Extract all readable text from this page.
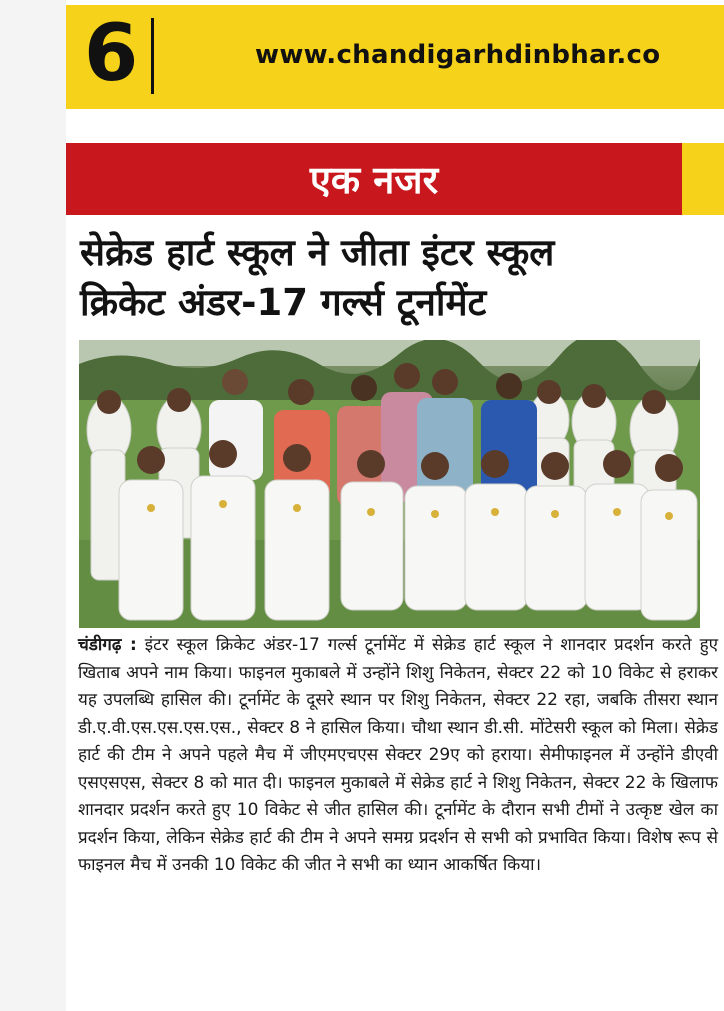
6	www.chandigarhdinbhar.co
एक नजर
सेक्रेड हार्ट स्कूल ने जीता इंटर स्कूल
क्रिकेट अंडर-17 गर्ल्स टूर्नामेंट
चंडीगढ़ : इंटर स्कूल क्रिकेट अंडर-17 गर्ल्स टूर्नामेंट में सेक्रेड हार्ट स्कूल ने शानदार प्रदर्शन करते हुए खिताब अपने नाम किया। फाइनल मुकाबले में उन्होंने शिशु निकेतन, सेक्टर 22 को 10 विकेट से हराकर यह उपलब्धि हासिल की। टूर्नामेंट के दूसरे स्थान पर शिशु निकेतन, सेक्टर 22 रहा, जबकि तीसरा स्थान डी.ए.वी.एस.एस.एस.एस., सेक्टर 8 ने हासिल किया। चौथा स्थान डी.सी. मोंटेसरी स्कूल को मिला। सेक्रेड हार्ट की टीम ने अपने पहले मैच में जीएमएचएस सेक्टर 29ए को हराया। सेमीफाइनल में उन्होंने डीएवी एसएसएस, सेक्टर 8 को मात दी। फाइनल मुकाबले में सेक्रेड हार्ट ने शिशु निकेतन, सेक्टर 22 के खिलाफ शानदार प्रदर्शन करते हुए 10 विकेट से जीत हासिल की। टूर्नामेंट के दौरान सभी टीमों ने उत्कृष्ट खेल का प्रदर्शन किया, लेकिन सेक्रेड हार्ट की टीम ने अपने समग्र प्रदर्शन से सभी को प्रभावित किया। विशेष रूप से फाइनल मैच में उनकी 10 विकेट की जीत ने सभी का ध्यान आकर्षित किया।
